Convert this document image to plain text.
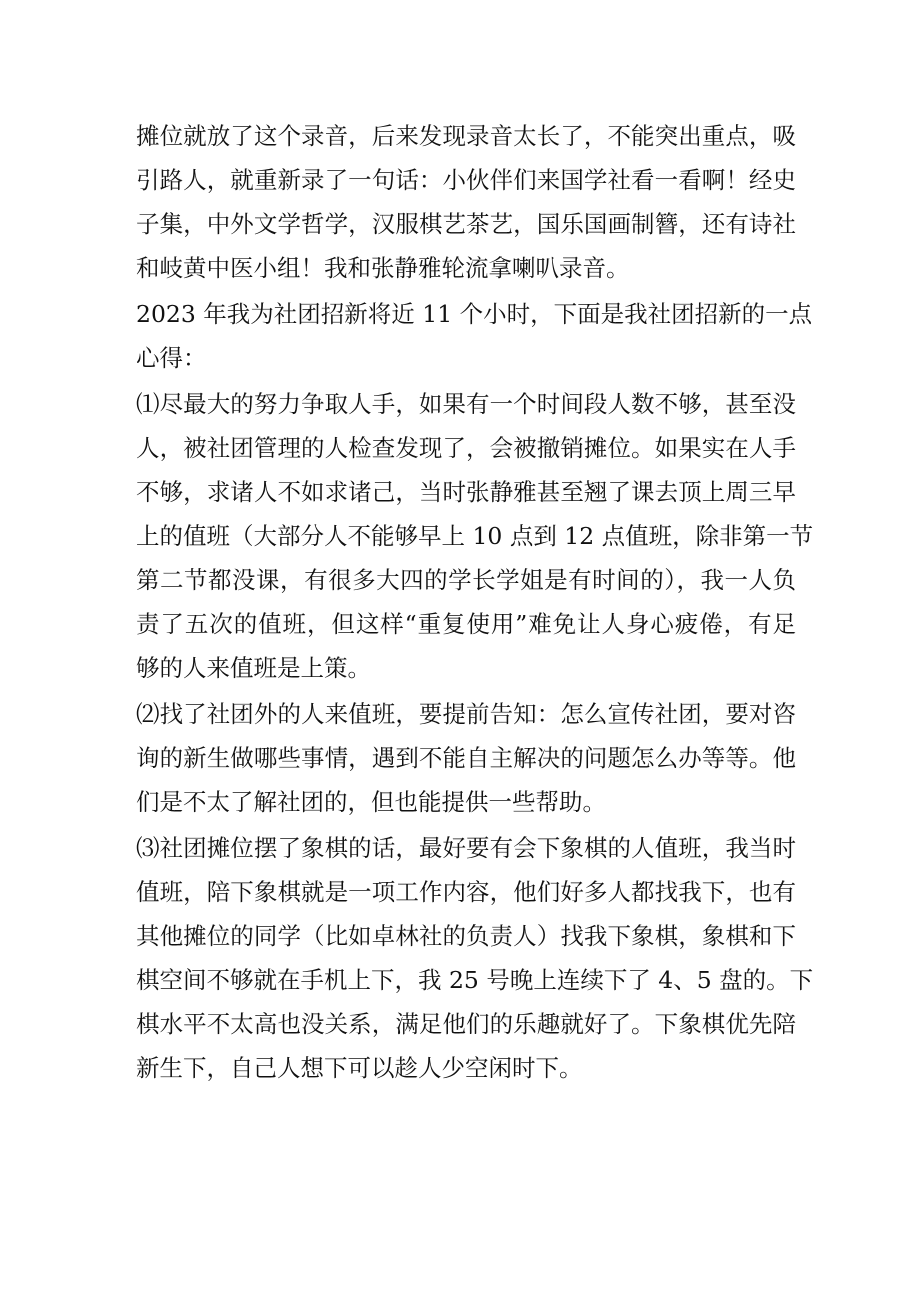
摊位就放了这个录音，后来发现录音太长了，不能突出重点，吸
引路人，就重新录了一句话：小伙伴们来国学社看一看啊！经史
子集，中外文学哲学，汉服棋艺茶艺，国乐国画制簪，还有诗社
和岐黄中医小组！我和张静雅轮流拿喇叭录音。
2023 年我为社团招新将近 11 个小时，下面是我社团招新的一点
心得：
⑴尽最大的努力争取人手，如果有一个时间段人数不够，甚至没
人，被社团管理的人检查发现了，会被撤销摊位。如果实在人手
不够，求诸人不如求诸己，当时张静雅甚至翘了课去顶上周三早
上的值班（大部分人不能够早上 10 点到 12 点值班，除非第一节
第二节都没课，有很多大四的学长学姐是有时间的），我一人负
责了五次的值班，但这样“重复使用”难免让人身心疲倦，有足
够的人来值班是上策。
⑵找了社团外的人来值班，要提前告知：怎么宣传社团，要对咨
询的新生做哪些事情，遇到不能自主解决的问题怎么办等等。他
们是不太了解社团的，但也能提供一些帮助。
⑶社团摊位摆了象棋的话，最好要有会下象棋的人值班，我当时
值班，陪下象棋就是一项工作内容，他们好多人都找我下，也有
其他摊位的同学（比如卓林社的负责人）找我下象棋，象棋和下
棋空间不够就在手机上下，我 25 号晚上连续下了 4、5 盘的。下
棋水平不太高也没关系，满足他们的乐趣就好了。下象棋优先陪
新生下，自己人想下可以趁人少空闲时下。
